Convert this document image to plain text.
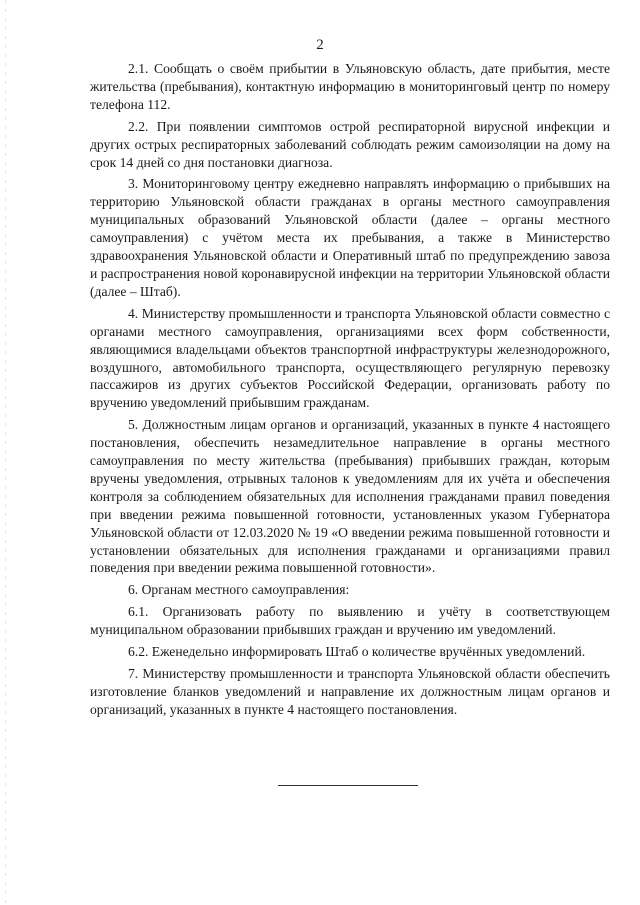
2

2.1. Сообщать о своём прибытии в Ульяновскую область, дате прибытия, месте жительства (пребывания), контактную информацию в мониторинговый центр по номеру телефона 112.

2.2. При появлении симптомов острой респираторной вирусной инфекции и других острых респираторных заболеваний соблюдать режим самоизоляции на дому на срок 14 дней со дня постановки диагноза.

3. Мониторинговому центру ежедневно направлять информацию о прибывших на территорию Ульяновской области гражданах в органы местного самоуправления муниципальных образований Ульяновской области (далее – органы местного самоуправления) с учётом места их пребывания, а также в Министерство здравоохранения Ульяновской области и Оперативный штаб по предупреждению завоза и распространения новой коронавирусной инфекции на территории Ульяновской области (далее – Штаб).

4. Министерству промышленности и транспорта Ульяновской области совместно с органами местного самоуправления, организациями всех форм собственности, являющимися владельцами объектов транспортной инфраструктуры железнодорожного, воздушного, автомобильного транспорта, осуществляющего регулярную перевозку пассажиров из других субъектов Российской Федерации, организовать работу по вручению уведомлений прибывшим гражданам.

5. Должностным лицам органов и организаций, указанных в пункте 4 настоящего постановления, обеспечить незамедлительное направление в органы местного самоуправления по месту жительства (пребывания) прибывших граждан, которым вручены уведомления, отрывных талонов к уведомлениям для их учёта и обеспечения контроля за соблюдением обязательных для исполнения гражданами правил поведения при введении режима повышенной готовности, установленных указом Губернатора Ульяновской области от 12.03.2020 № 19 «О введении режима повышенной готовности и установлении обязательных для исполнения гражданами и организациями правил поведения при введении режима повышенной готовности».

6. Органам местного самоуправления:

6.1. Организовать работу по выявлению и учёту в соответствующем муниципальном образовании прибывших граждан и вручению им уведомлений.

6.2. Еженедельно информировать Штаб о количестве вручённых уведомлений.

7. Министерству промышленности и транспорта Ульяновской области обеспечить изготовление бланков уведомлений и направление их должностным лицам органов и организаций, указанных в пункте 4 настоящего постановления.
